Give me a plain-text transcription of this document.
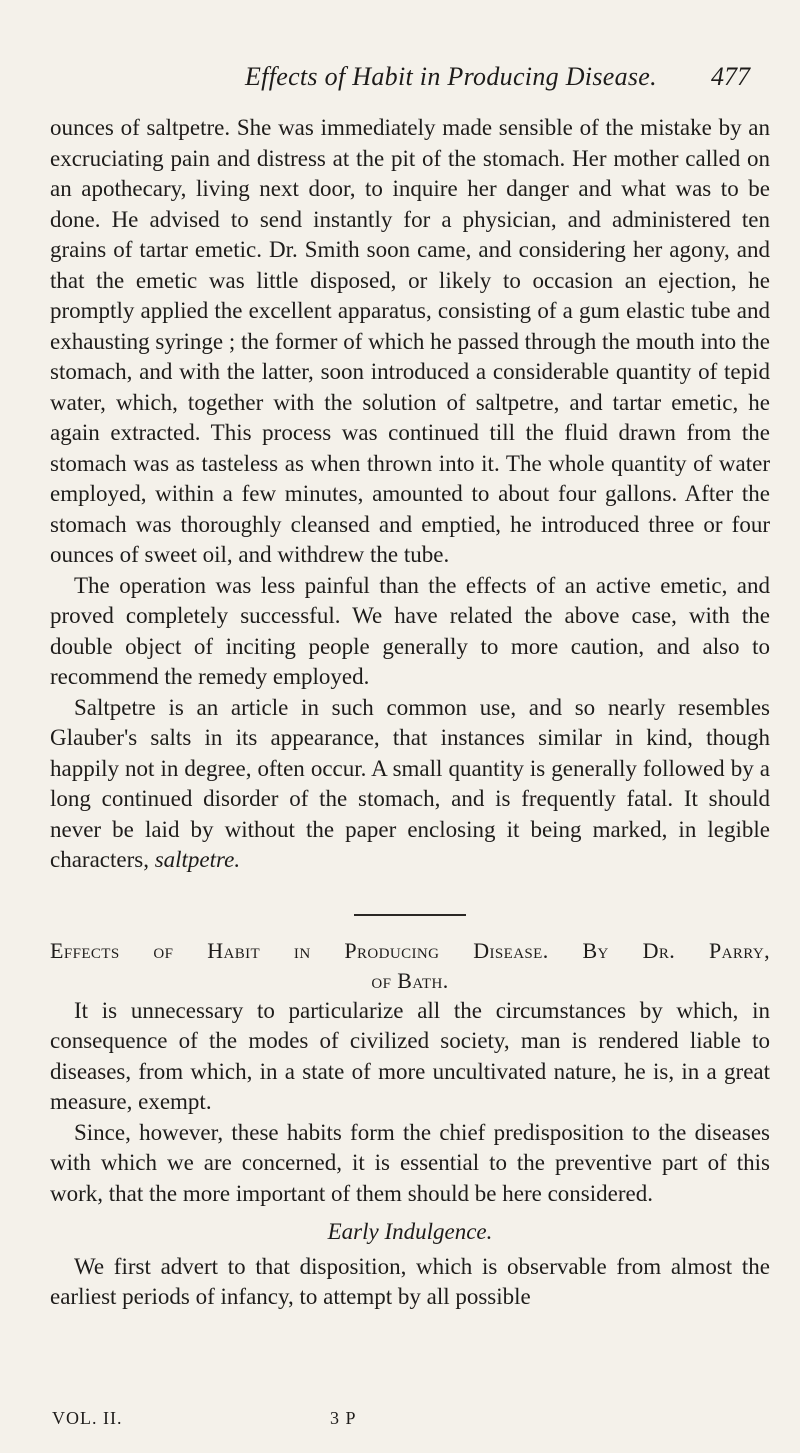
Effects of Habit in Producing Disease. 477

ounces of saltpetre. She was immediately made sensible of the mistake by an excruciating pain and distress at the pit of the stomach. Her mother called on an apothecary, living next door, to inquire her danger and what was to be done. He advised to send instantly for a physician, and administered ten grains of tartar emetic. Dr. Smith soon came, and considering her agony, and that the emetic was little disposed, or likely to occasion an ejection, he promptly applied the excellent apparatus, consisting of a gum elastic tube and exhausting syringe ; the former of which he passed through the mouth into the stomach, and with the latter, soon introduced a considerable quantity of tepid water, which, together with the solution of saltpetre, and tartar emetic, he again extracted. This process was continued till the fluid drawn from the stomach was as tasteless as when thrown into it. The whole quantity of water employed, within a few minutes, amounted to about four gallons. After the stomach was thoroughly cleansed and emptied, he introduced three or four ounces of sweet oil, and withdrew the tube.

The operation was less painful than the effects of an active emetic, and proved completely successful. We have related the above case, with the double object of inciting people generally to more caution, and also to recommend the remedy employed.

Saltpetre is an article in such common use, and so nearly resembles Glauber's salts in its appearance, that instances similar in kind, though happily not in degree, often occur. A small quantity is generally followed by a long continued disorder of the stomach, and is frequently fatal. It should never be laid by without the paper enclosing it being marked, in legible characters, saltpetre.

Effects of Habit in Producing Disease. By Dr. Parry,
of Bath.

It is unnecessary to particularize all the circumstances by which, in consequence of the modes of civilized society, man is rendered liable to diseases, from which, in a state of more uncultivated nature, he is, in a great measure, exempt.

Since, however, these habits form the chief predisposition to the diseases with which we are concerned, it is essential to the preventive part of this work, that the more important of them should be here considered.

Early Indulgence.

We first advert to that disposition, which is observable from almost the earliest periods of infancy, to attempt by all possible

VOL. II.	3 P
